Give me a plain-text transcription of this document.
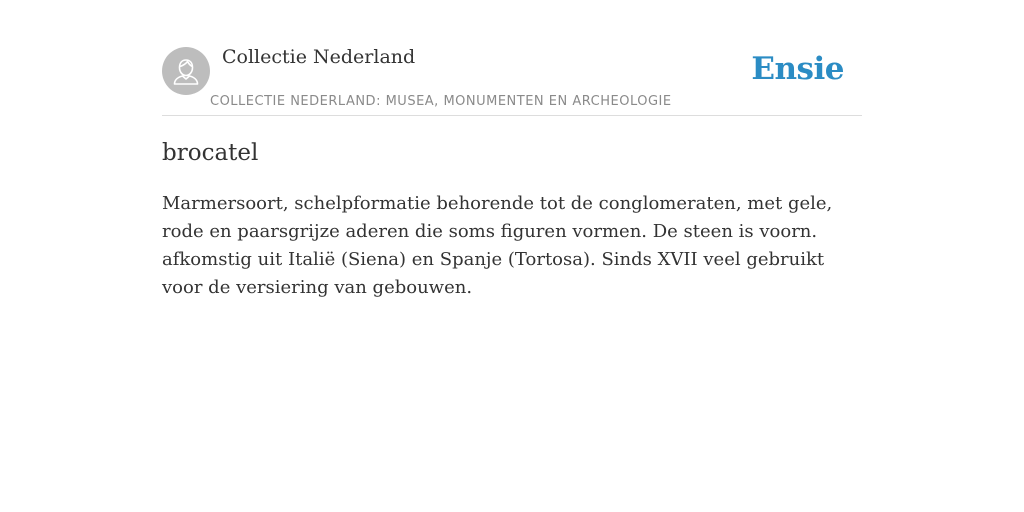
Collectie Nederland
COLLECTIE NEDERLAND: MUSEA, MONUMENTEN EN ARCHEOLOGIE
Ensie
brocatel

Marmersoort, schelpformatie behorende tot de conglomeraten, met gele, rode en paarsgrijze aderen die soms figuren vormen. De steen is voorn. afkomstig uit Italië (Siena) en Spanje (Tortosa). Sinds XVII veel gebruikt voor de versiering van gebouwen.
